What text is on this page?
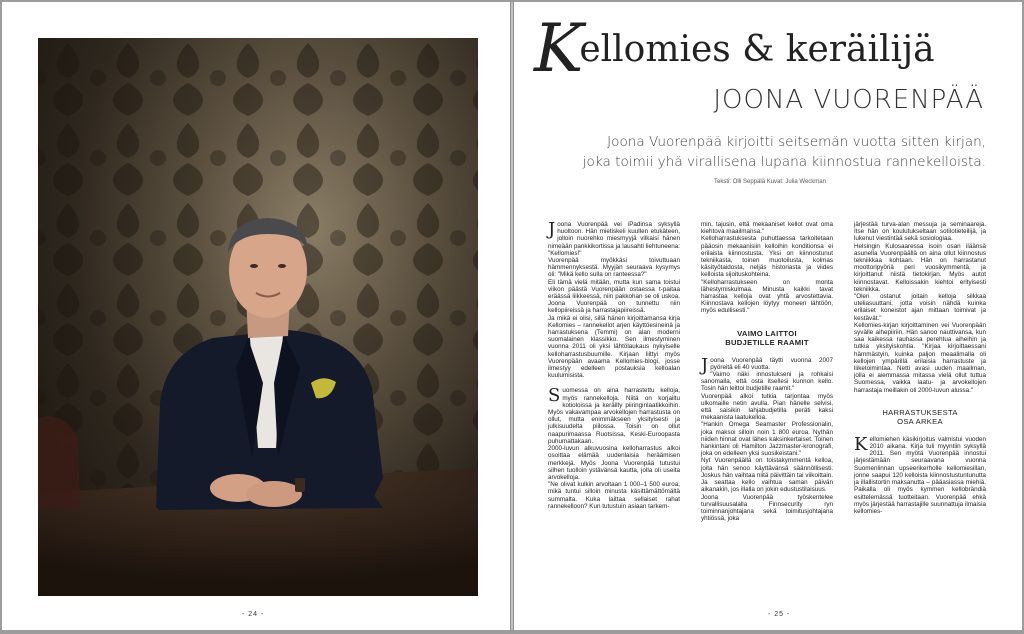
- 24 -
Kellomies & keräilijä
JOONA VUORENPÄÄ
Joona Vuorenpää kirjoitti seitsemän vuotta sitten kirjan,
joka toimii yhä virallisena lupana kiinnostua rannekelloista.
Teksti: Olli Seppälä Kuvat: Julia Weckman

Joona Vuorenpää vei iPadinsa syksyllä huoltoon. Hän mietiskeli kuullen etukäteen, jolloin nuorehko miesmyyjä vilkaisi hänen nimeään pankkikortissa ja lausahti liehtuneena: "Kellomies!"

Vuorenpää myökkäsi toivuttuaan hämmennyksestä. Myyjän seuraava kysymys oli: "Mikä kello sulla on ranteessa?"

Eli tämä vielä mitään, mutta kun sama toistui viikon päästä Vuorenpään ostaessa t-paitaa eräässä liikkeessä, niin pakkohan se oli uskoa. Joona Vuorenpää on tunnettu niin kellopiireissä ja harrastajapiireissä.

Ja mikä ei olisi, sillä hänen kirjoittamansa kirja Kellomies – rannekellot arjen käyttöesineinä ja harrastuksena (Temmi) on alan moderni suomalainen klassikko. Sen ilmestyminen vuonna 2011 oli yksi lähtölaukaus nykyiselle kelloharrastusbuumille. Kirjaan liittyi myös Vuorenpään avaama Kellomies-blogi, josse ilmestyy edelleen postauksia kelloalan kuulumisista.

Suomessa on aina harrastettu kelloja, myös rannekelloja. Niitä on korjailtu kotioloissa ja keräilty piiringinlaatikkoihin. Myös vakavampaa arvokellojen harrastusta on ollut, mutta enimmäkseen yksityisesti ja julkisuudelta piilossa. Toisin on ollut naapurimaassa Ruotsissa, Keski-Euroopasta puhumattakaan.

2000-luvun alkuvuosina kelloharrastus alkoi osoittaa elämää uudenlaisia heräämisen merkkejä. Myös Joona Vuorenpää tutustui silhen tuolloin ystävänsä kautta, jolla oli useita arvokelloja.

"Ne olivat kulkin arvoltaan 1 000–1 500 euroa, mikä tuntui silloin minusta käsittämättömältä summalta. Kuka laittaa sellaiset rahat rannekelloon? Kun tutustuin asiaan tarkem-

min, tajusin, että mekaaniset kellot ovat oma kiehtova maailmansa."

Kelloharrastuksesta puhuttaessa tarkoitetaan pääosin mekaanisiin kelloihin konditionsa ei erilaista kiinnostusta. Yksi on kiinnostunut tekniikasta, toinen muotoilusta, kolmas käsityötaidosta, neljäs historiasta ja viides kelloista sijoituskohteina.

"Kelloharrastukseen on monta lähestymiskulmaa. Minusta kaikki tavat harrastaa kelloja ovat yhtä arvostettavia. Kiinnostava kellojen löytyy moneen lähtöön, myös edullisesti."

VAIMO LAITTOI
BUDJETILLE RAAMIT

Joona Vuorenpää täytti vuonna 2007 pyöreitä eli 40 vuotta.

"Vaimo näki innostukseni ja rohkaisi sanomalla, että osta itsellesi kunnon kello. Tosin hän leittoi budjetille raamit."

Vuorenpää alkoi tutkia tarjontaa myös ulkomaille netin avulla. Pian hänelle selvisi, että saisikin lahjabudjetilla peräti kaksi mekaanista laatukelloa.

"Hankin Omega Seamaster Professionalin, joka maksoi silloin noin 1 800 euroa. Nythän niiden hinnat ovat lähes kaksinkertaiset. Toinen hankintani oli Hamilton Jazzmaster-kronografi, joka on edelleen yksi suosikeistani."

Nyt Vuorenpäällä on toistakymmentä kelloa, joita hän senoo käyttävänsä säännöllisesti. Joskus hän vaihtaa niitä päivittäin tai viikoittain. Ja seattaa kello vaihtua saman päivän aikanakin, jos illalla on jokin edustustilaisuus.

Joona Vuorenpää työskentelee turvallisuusalalla Finnsecurity ryn toiminnanjohtajana sekä toimitusjohtajana yhtiössä, joka

järjestää turva-alan messuja ja seminaareja. Itse hän on koulutukseltaan sotilotieteilijä, ja lukenut viestintää sekä sosiologiaa.

Helsingin Kulosaaressa isoin osan iläänsä asunella Vuorenpäällä on aina ollut kiinnostus tekniikkaa kohtaan. Hän on harrastanut moottoripyöriä peri vuosikymmentä, ja kirjoittanut niistä tietokirjan. Myös autot kiinnostavat. Kelloissakin kiehtoi erityisesti tekniikka.

"Olen ostanut joitain kelloja silkkaa uteliasuuttani, jotta voisin nähdä kuinka erilaiset koneistot ajan mittaan toimivat ja kestävät."

Kellomies-kirjan kirjoittaminen vei Vuorenpään syvälle aihepiiriin. Hän sanoo nauttivansa, kun saa kaikessa rauhassa perehtua aiheihin ja tutkia yksityiskohtia. "Kirjaa kirjoittaessani hämmästyin, kuinka paljon meaalimalla oli kellojen ympärillä erilaisia harrastuste ja liiketoimintaa. Netti avasi uuden maailman, jolla ei aiemmassa mitassa vielä ollut tuttua Suomessa, vaikka laatu- ja arvokellojen harrastaja meillakin oli 2000-luvun alussa."

HARRASTUKSESTA
OSA ARKEA

Kellomiehen käsikirjoitus valmistui vuoden 2010 aikana. Kirja tuli myyntiin syksyllä 2011. Sen myötä Vuorenpää innostui järjestämään seuraavana vuonna Suomenlinnan upseerikerholle kellomiesillan, jonne saapui 120 kelloista kiinnostustuntunutta ja illallistortin maksanutta – pääasiassa miehiä. Paikalla oli myös kymmen kellobrändiä esittelemässä tuotteitaan. Vuorenpää ehkä myös järjestää harrastajille suunnattuja ilmaisia kellomies-

- 25 -
